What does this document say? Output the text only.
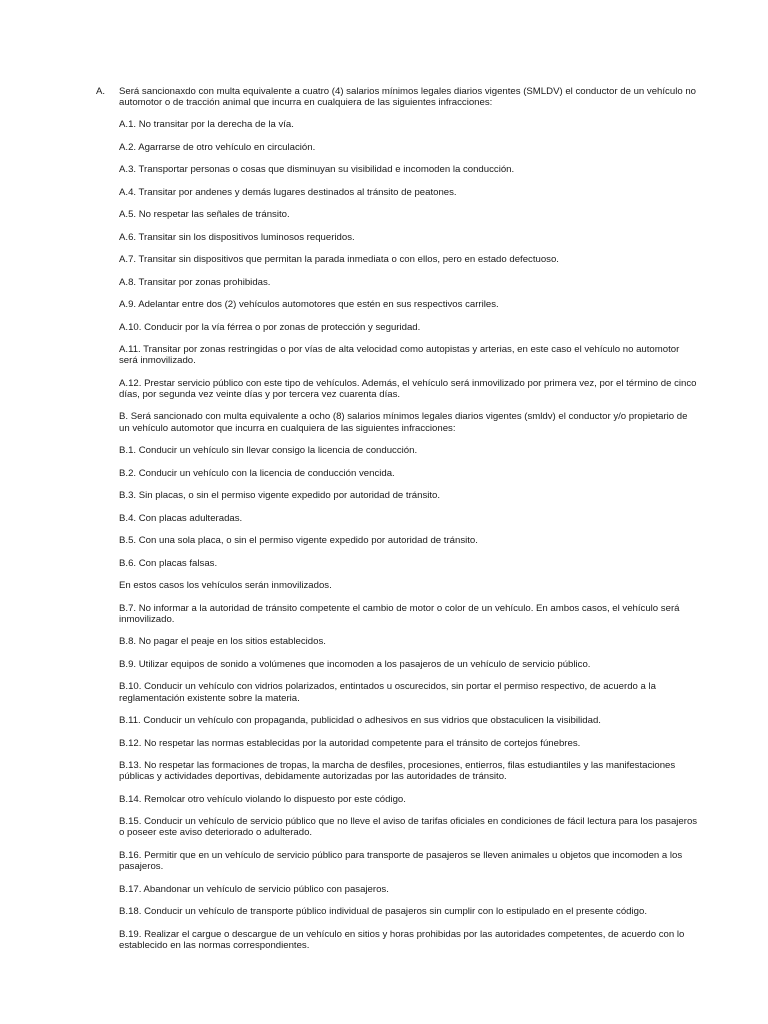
A. Será sancionaxdo con multa equivalente a cuatro (4) salarios mínimos legales diarios vigentes (SMLDV) el conductor de un vehículo no automotor o de tracción animal que incurra en cualquiera de las siguientes infracciones:

A.1. No transitar por la derecha de la vía.

A.2. Agarrarse de otro vehículo en circulación.

A.3. Transportar personas o cosas que disminuyan su visibilidad e incomoden la conducción.

A.4. Transitar por andenes y demás lugares destinados al tránsito de peatones.

A.5. No respetar las señales de tránsito.

A.6. Transitar sin los dispositivos luminosos requeridos.

A.7. Transitar sin dispositivos que permitan la parada inmediata o con ellos, pero en estado defectuoso.

A.8. Transitar por zonas prohibidas.

A.9. Adelantar entre dos (2) vehículos automotores que estén en sus respectivos carriles.

A.10. Conducir por la vía férrea o por zonas de protección y seguridad.

A.11. Transitar por zonas restringidas o por vías de alta velocidad como autopistas y arterias, en este caso el vehículo no automotor será inmovilizado.

A.12. Prestar servicio público con este tipo de vehículos. Además, el vehículo será inmovilizado por primera vez, por el término de cinco días, por segunda vez veinte días y por tercera vez cuarenta días.

B. Será sancionado con multa equivalente a ocho (8) salarios mínimos legales diarios vigentes (smldv) el conductor y/o propietario de un vehículo automotor que incurra en cualquiera de las siguientes infracciones:

B.1. Conducir un vehículo sin llevar consigo la licencia de conducción.

B.2. Conducir un vehículo con la licencia de conducción vencida.

B.3. Sin placas, o sin el permiso vigente expedido por autoridad de tránsito.

B.4. Con placas adulteradas.

B.5. Con una sola placa, o sin el permiso vigente expedido por autoridad de tránsito.

B.6. Con placas falsas.

En estos casos los vehículos serán inmovilizados.

B.7. No informar a la autoridad de tránsito competente el cambio de motor o color de un vehículo. En ambos casos, el vehículo será inmovilizado.

B.8. No pagar el peaje en los sitios establecidos.

B.9. Utilizar equipos de sonido a volúmenes que incomoden a los pasajeros de un vehículo de servicio público.

B.10. Conducir un vehículo con vidrios polarizados, entintados u oscurecidos, sin portar el permiso respectivo, de acuerdo a la reglamentación existente sobre la materia.

B.11. Conducir un vehículo con propaganda, publicidad o adhesivos en sus vidrios que obstaculicen la visibilidad.

B.12. No respetar las normas establecidas por la autoridad competente para el tránsito de cortejos fúnebres.

B.13. No respetar las formaciones de tropas, la marcha de desfiles, procesiones, entierros, filas estudiantiles y las manifestaciones públicas y actividades deportivas, debidamente autorizadas por las autoridades de tránsito.

B.14. Remolcar otro vehículo violando lo dispuesto por este código.

B.15. Conducir un vehículo de servicio público que no lleve el aviso de tarifas oficiales en condiciones de fácil lectura para los pasajeros o poseer este aviso deteriorado o adulterado.

B.16. Permitir que en un vehículo de servicio público para transporte de pasajeros se lleven animales u objetos que incomoden a los pasajeros.

B.17. Abandonar un vehículo de servicio público con pasajeros.

B.18. Conducir un vehículo de transporte público individual de pasajeros sin cumplir con lo estipulado en el presente código.

B.19. Realizar el cargue o descargue de un vehículo en sitios y horas prohibidas por las autoridades competentes, de acuerdo con lo establecido en las normas correspondientes.
